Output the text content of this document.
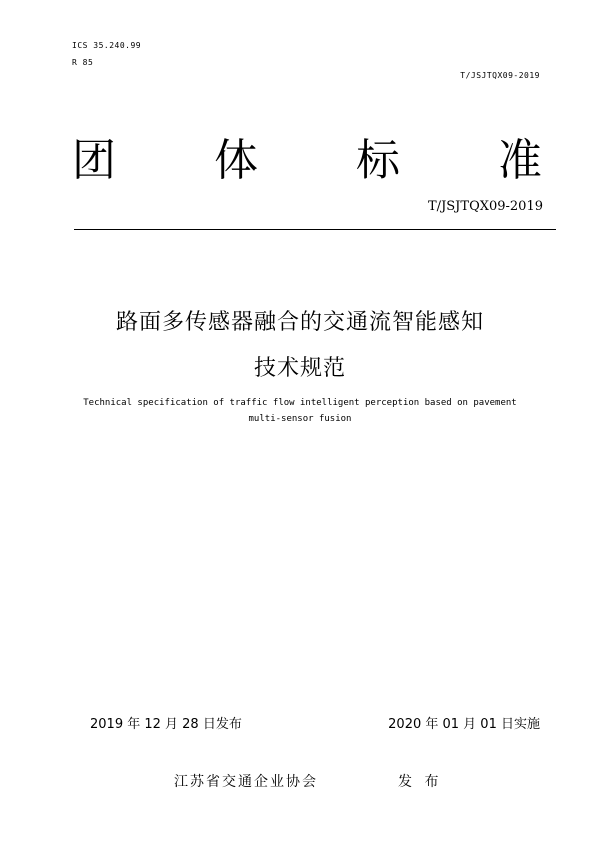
ICS 35.240.99
R 85
T/JSJTQX09-2019
团 体 标 准
T/JSJTQX09-2019
路面多传感器融合的交通流智能感知
技术规范
Technical specification of traffic flow intelligent perception based on pavement
multi-sensor fusion
2019 年 12 月 28 日发布	2020 年 01 月 01 日实施
江苏省交通企业协会	发 布
